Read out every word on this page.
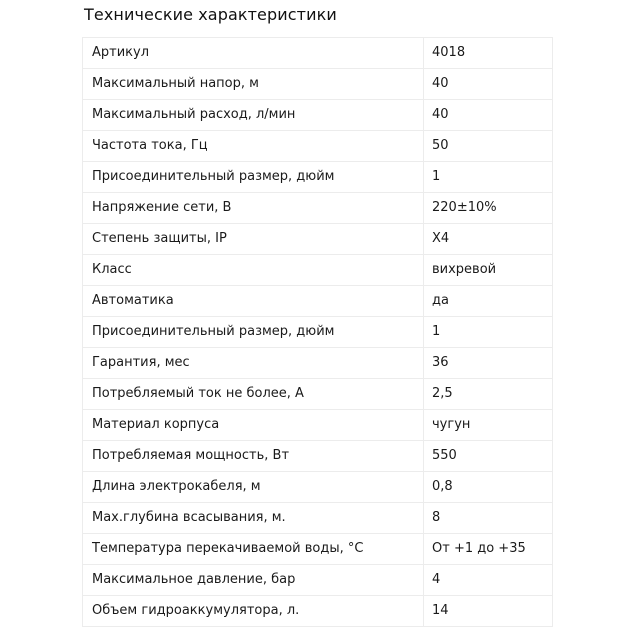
Технические характеристики
Артикул	4018
Максимальный напор, м	40
Максимальный расход, л/мин	40
Частота тока, Гц	50
Присоединительный размер, дюйм	1
Напряжение сети, В	220±10%
Степень защиты, IP	X4
Класс	вихревой
Автоматика	да
Присоединительный размер, дюйм	1
Гарантия, мес	36
Потребляемый ток не более, А	2,5
Материал корпуса	чугун
Потребляемая мощность, Вт	550
Длина электрокабеля, м	0,8
Max.глубина всасывания, м.	8
Температура перекачиваемой воды, °С	От +1 до +35
Максимальное давление, бар	4
Объем гидроаккумулятора, л.	14
